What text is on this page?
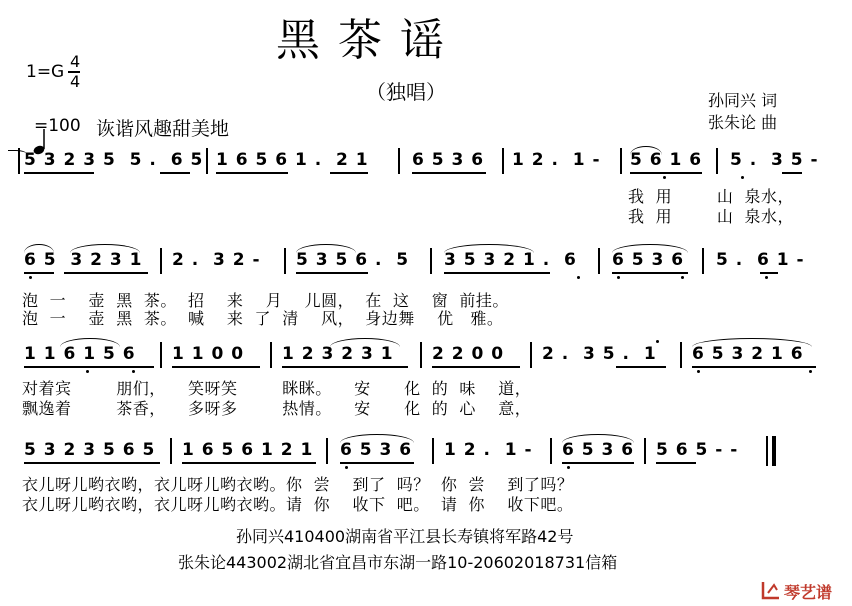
黑茶谣
（独唱）
1=G
4
4

=100 诙谐风趣甜美地
孙同兴 词
张朱论 曲
5 3 2 3 5  5 .  6 5 1 6 5 6 1 .  2 1	6 5 3 6 1 2 .  1 - 5 6 1 6 5 .  3 5 -
我  用        山  泉水，
我  用        山  泉水，
6 5  3 2 3 1 2 .  3 2 - 5 3 5 6 .  5 3 5 3 2 1 .  6 6 5 3 6 5 .  6 1 -
泡  一    壶  黑  茶。  招    来    月    儿圆，  在  这    窗  前挂。
泡  一    壶  黑  茶。  喊    来  了  清    风，  身边舞    优   雅。
1 1 6 1 5 6 1 1 0 0 1 2 3 2 3 1 2 2 0 0 2 .  3 5 .  1 6 5 3 2 1 6
对着宾        朋们，    笑呀笑        眯眯。    安      化  的  味    道，
飘逸着        茶香，    多呀多        热情。    安      化  的  心    意，
5 3 2 3 5 6 5 1 6 5 6 1 2 1 6 5 3 6 1 2 .  1 - 6 5 3 6 5 6 5 - -
衣儿呀儿哟衣哟，衣儿呀儿哟衣哟。你  尝    到了  吗？  你  尝    到了吗？
衣儿呀儿哟衣哟，衣儿呀儿哟衣哟。请  你    收下  吧。  请  你    收下吧。
孙同兴410400湖南省平江县长寿镇将军路42号
张朱论443002湖北省宜昌市东湖一路10-20602018731信箱
琴艺谱
